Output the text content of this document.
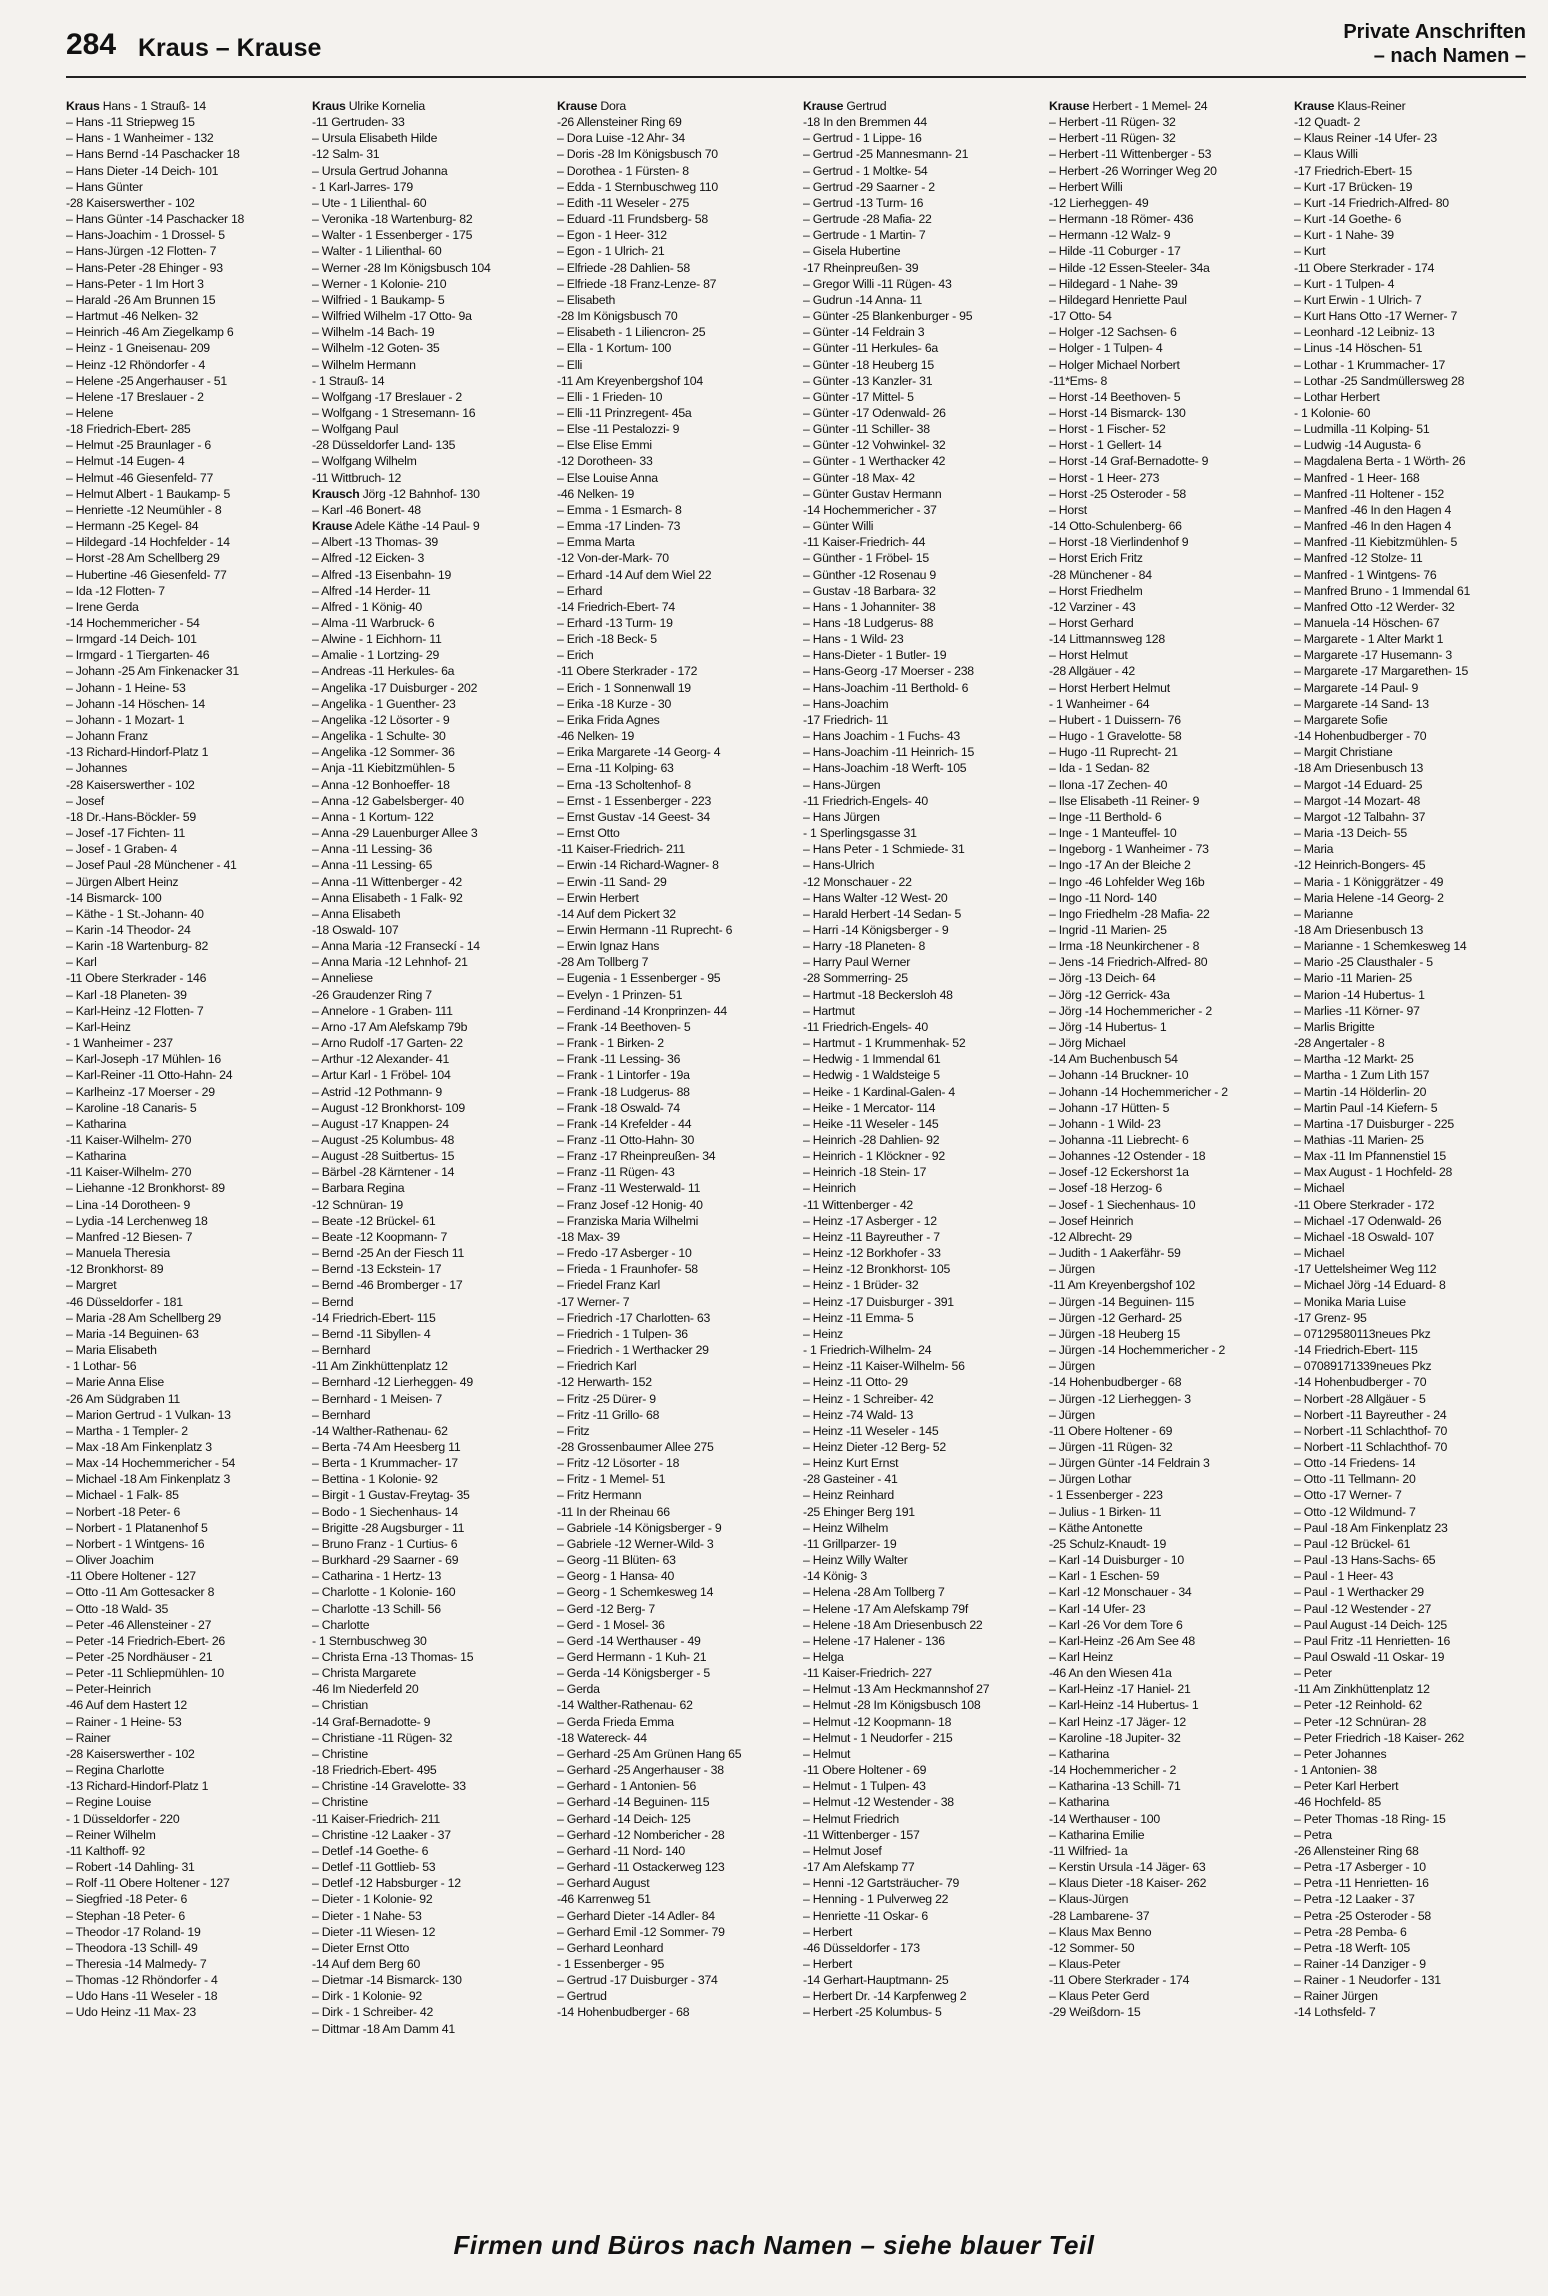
284 Kraus – Krause
Private Anschriften
– nach Namen –
Kraus Hans - 1 Strauß- 14
– Hans -11 Striepweg 15
– Hans - 1 Wanheimer - 132
– Hans Bernd -14 Paschacker 18
– Hans Dieter -14 Deich- 101
– Hans Günter
-28 Kaiserswerther - 102
– Hans Günter -14 Paschacker 18
– Hans-Joachim - 1 Drossel- 5
– Hans-Jürgen -12 Flotten- 7
– Hans-Peter -28 Ehinger - 93
– Hans-Peter - 1 Im Hort 3
– Harald -26 Am Brunnen 15
– Hartmut -46 Nelken- 32
– Heinrich -46 Am Ziegelkamp 6
– Heinz - 1 Gneisenau- 209
– Heinz -12 Rhöndorfer - 4
– Helene -25 Angerhauser - 51
– Helene -17 Breslauer - 2
– Helene
-18 Friedrich-Ebert- 285
– Helmut -25 Braunlager - 6
– Helmut -14 Eugen- 4
– Helmut -46 Giesenfeld- 77
– Helmut Albert - 1 Baukamp- 5
– Henriette -12 Neumühler - 8
– Hermann -25 Kegel- 84
– Hildegard -14 Hochfelder - 14
– Horst -28 Am Schellberg 29
– Hubertine -46 Giesenfeld- 77
– Ida -12 Flotten- 7
– Irene Gerda
-14 Hochemmericher - 54
– Irmgard -14 Deich- 101
– Irmgard - 1 Tiergarten- 46
– Johann -25 Am Finkenacker 31
– Johann - 1 Heine- 53
– Johann -14 Höschen- 14
– Johann - 1 Mozart- 1
– Johann Franz
-13 Richard-Hindorf-Platz 1
– Johannes
-28 Kaiserswerther - 102
– Josef
-18 Dr.-Hans-Böckler- 59
– Josef -17 Fichten- 11
– Josef - 1 Graben- 4
– Josef Paul -28 Münchener - 41
– Jürgen Albert Heinz
-14 Bismarck- 100
– Käthe - 1 St.-Johann- 40
– Karin -14 Theodor- 24
– Karin -18 Wartenburg- 82
– Karl
-11 Obere Sterkrader - 146
– Karl -18 Planeten- 39
– Karl-Heinz -12 Flotten- 7
– Karl-Heinz
- 1 Wanheimer - 237
– Karl-Joseph -17 Mühlen- 16
– Karl-Reiner -11 Otto-Hahn- 24
– Karlheinz -17 Moerser - 29
– Karoline -18 Canaris- 5
– Katharina
-11 Kaiser-Wilhelm- 270
– Katharina
-11 Kaiser-Wilhelm- 270
– Liehanne -12 Bronkhorst- 89
– Lina -14 Dorotheen- 9
– Lydia -14 Lerchenweg 18
– Manfred -12 Biesen- 7
– Manuela Theresia
-12 Bronkhorst- 89
– Margret
-46 Düsseldorfer - 181
– Maria -28 Am Schellberg 29
– Maria -14 Beguinen- 63
– Maria Elisabeth
- 1 Lothar- 56
– Marie Anna Elise
-26 Am Südgraben 11
– Marion Gertrud - 1 Vulkan- 13
– Martha - 1 Templer- 2
– Max -18 Am Finkenplatz 3
– Max -14 Hochemmericher - 54
– Michael -18 Am Finkenplatz 3
– Michael - 1 Falk- 85
– Norbert -18 Peter- 6
– Norbert - 1 Platanenhof 5
– Norbert - 1 Wintgens- 16
– Oliver Joachim
-11 Obere Holtener - 127
– Otto -11 Am Gottesacker 8
– Otto -18 Wald- 35
– Peter -46 Allensteiner - 27
– Peter -14 Friedrich-Ebert- 26
– Peter -25 Nordhäuser - 21
– Peter -11 Schliepmühlen- 10
– Peter-Heinrich
-46 Auf dem Hastert 12
– Rainer - 1 Heine- 53
– Rainer
-28 Kaiserswerther - 102
– Regina Charlotte
-13 Richard-Hindorf-Platz 1
– Regine Louise
- 1 Düsseldorfer - 220
– Reiner Wilhelm
-11 Kalthoff- 92
– Robert -14 Dahling- 31
– Rolf -11 Obere Holtener - 127
– Siegfried -18 Peter- 6
– Stephan -18 Peter- 6
– Theodor -17 Roland- 19
– Theodora -13 Schill- 49
– Theresia -14 Malmedy- 7
– Thomas -12 Rhöndorfer - 4
– Udo Hans -11 Weseler - 18
– Udo Heinz -11 Max- 23
Kraus Ulrike Kornelia
-11 Gertruden- 33
– Ursula Elisabeth Hilde
-12 Salm- 31
– Ursula Gertrud Johanna
- 1 Karl-Jarres- 179
– Ute - 1 Lilienthal- 60
– Veronika -18 Wartenburg- 82
– Walter - 1 Essenberger - 175
– Walter - 1 Lilienthal- 60
– Werner -28 Im Königsbusch 104
– Werner - 1 Kolonie- 210
– Wilfried - 1 Baukamp- 5
– Wilfried Wilhelm -17 Otto- 9a
– Wilhelm -14 Bach- 19
– Wilhelm -12 Goten- 35
– Wilhelm Hermann
- 1 Strauß- 14
– Wolfgang -17 Breslauer - 2
– Wolfgang - 1 Stresemann- 16
– Wolfgang Paul
-28 Düsseldorfer Land- 135
– Wolfgang Wilhelm
-11 Wittbruch- 12
Krausch Jörg -12 Bahnhof- 130
– Karl -46 Bonert- 48
Krause Adele Käthe -14 Paul- 9
– Albert -13 Thomas- 39
– Alfred -12 Eicken- 3
– Alfred -13 Eisenbahn- 19
– Alfred -14 Herder- 11
– Alfred - 1 König- 40
– Alma -11 Warbruck- 6
– Alwine - 1 Eichhorn- 11
– Amalie - 1 Lortzing- 29
– Andreas -11 Herkules- 6a
– Angelika -17 Duisburger - 202
– Angelika - 1 Guenther- 23
– Angelika -12 Lösorter - 9
– Angelika - 1 Schulte- 30
– Angelika -12 Sommer- 36
– Anja -11 Kiebitzmühlen- 5
– Anna -12 Bonhoeffer- 18
– Anna -12 Gabelsberger- 40
– Anna - 1 Kortum- 122
– Anna -29 Lauenburger Allee 3
– Anna -11 Lessing- 36
– Anna -11 Lessing- 65
– Anna -11 Wittenberger - 42
– Anna Elisabeth - 1 Falk- 92
– Anna Elisabeth
-18 Oswald- 107
– Anna Maria -12 Franseckí - 14
– Anna Maria -12 Lehnhof- 21
– Anneliese
-26 Graudenzer Ring 7
– Annelore - 1 Graben- 111
– Arno -17 Am Alefskamp 79b
– Arno Rudolf -17 Garten- 22
– Arthur -12 Alexander- 41
– Artur Karl - 1 Fröbel- 104
– Astrid -12 Pothmann- 9
– August -12 Bronkhorst- 109
– August -17 Knappen- 24
– August -25 Kolumbus- 48
– August -28 Suitbertus- 15
– Bärbel -28 Kärntener - 14
– Barbara Regina
-12 Schnüran- 19
– Beate -12 Brückel- 61
– Beate -12 Koopmann- 7
– Bernd -25 An der Fiesch 11
– Bernd -13 Eckstein- 17
– Bernd -46 Bromberger - 17
– Bernd
-14 Friedrich-Ebert- 115
– Bernd -11 Sibyllen- 4
– Bernhard
-11 Am Zinkhüttenplatz 12
– Bernhard -12 Lierheggen- 49
– Bernhard - 1 Meisen- 7
– Bernhard
-14 Walther-Rathenau- 62
– Berta -74 Am Heesberg 11
– Berta - 1 Krummacher- 17
– Bettina - 1 Kolonie- 92
– Birgit - 1 Gustav-Freytag- 35
– Bodo - 1 Siechenhaus- 14
– Brigitte -28 Augsburger - 11
– Bruno Franz - 1 Curtius- 6
– Burkhard -29 Saarner - 69
– Catharina - 1 Hertz- 13
– Charlotte - 1 Kolonie- 160
– Charlotte -13 Schill- 56
– Charlotte
- 1 Sternbuschweg 30
– Christa Erna -13 Thomas- 15
– Christa Margarete
-46 Im Niederfeld 20
– Christian
-14 Graf-Bernadotte- 9
– Christiane -11 Rügen- 32
– Christine
-18 Friedrich-Ebert- 495
– Christine -14 Gravelotte- 33
– Christine
-11 Kaiser-Friedrich- 211
– Christine -12 Laaker - 37
– Detlef -14 Goethe- 6
– Detlef -11 Gottlieb- 53
– Detlef -12 Habsburger - 12
– Dieter - 1 Kolonie- 92
– Dieter - 1 Nahe- 53
– Dieter -11 Wiesen- 12
– Dieter Ernst Otto
-14 Auf dem Berg 60
– Dietmar -14 Bismarck- 130
– Dirk - 1 Kolonie- 92
– Dirk - 1 Schreiber- 42
– Dittmar -18 Am Damm 41
Krause Dora
-26 Allensteiner Ring 69
– Dora Luise -12 Ahr- 34
– Doris -28 Im Königsbusch 70
– Dorothea - 1 Fürsten- 8
– Edda - 1 Sternbuschweg 110
– Edith -11 Weseler - 275
– Eduard -11 Frundsberg- 58
– Egon - 1 Heer- 312
– Egon - 1 Ulrich- 21
– Elfriede -28 Dahlien- 58
– Elfriede -18 Franz-Lenze- 87
– Elisabeth
-28 Im Königsbusch 70
– Elisabeth - 1 Liliencron- 25
– Ella - 1 Kortum- 100
– Elli
-11 Am Kreyenbergshof 104
– Elli - 1 Frieden- 10
– Elli -11 Prinzregent- 45a
– Else -11 Pestalozzi- 9
– Else Elise Emmi
-12 Dorotheen- 33
– Else Louise Anna
-46 Nelken- 19
– Emma - 1 Esmarch- 8
– Emma -17 Linden- 73
– Emma Marta
-12 Von-der-Mark- 70
– Erhard -14 Auf dem Wiel 22
– Erhard
-14 Friedrich-Ebert- 74
– Erhard -13 Turm- 19
– Erich -18 Beck- 5
– Erich
-11 Obere Sterkrader - 172
– Erich - 1 Sonnenwall 19
– Erika -18 Kurze - 30
– Erika Frida Agnes
-46 Nelken- 19
– Erika Margarete -14 Georg- 4
– Erna -11 Kolping- 63
– Erna -13 Scholtenhof- 8
– Ernst - 1 Essenberger - 223
– Ernst Gustav -14 Geest- 34
– Ernst Otto
-11 Kaiser-Friedrich- 211
– Erwin -14 Richard-Wagner- 8
– Erwin -11 Sand- 29
– Erwin Herbert
-14 Auf dem Pickert 32
– Erwin Hermann -11 Ruprecht- 6
– Erwin Ignaz Hans
-28 Am Tollberg 7
– Eugenia - 1 Essenberger - 95
– Evelyn - 1 Prinzen- 51
– Ferdinand -14 Kronprinzen- 44
– Frank -14 Beethoven- 5
– Frank - 1 Birken- 2
– Frank -11 Lessing- 36
– Frank - 1 Lintorfer - 19a
– Frank -18 Ludgerus- 88
– Frank -18 Oswald- 74
– Frank -14 Krefelder - 44
– Franz -11 Otto-Hahn- 30
– Franz -17 Rheinpreußen- 34
– Franz -11 Rügen- 43
– Franz -11 Westerwald- 11
– Franz Josef -12 Honig- 40
– Franziska Maria Wilhelmi
-18 Max- 39
– Fredo -17 Asberger - 10
– Frieda - 1 Fraunhofer- 58
– Friedel Franz Karl
-17 Werner- 7
– Friedrich -17 Charlotten- 63
– Friedrich - 1 Tulpen- 36
– Friedrich - 1 Werthacker 29
– Friedrich Karl
-12 Herwarth- 152
– Fritz -25 Dürer- 9
– Fritz -11 Grillo- 68
– Fritz
-28 Grossenbaumer Allee 275
– Fritz -12 Lösorter - 18
– Fritz - 1 Memel- 51
– Fritz Hermann
-11 In der Rheinau 66
– Gabriele -14 Königsberger - 9
– Gabriele -12 Werner-Wild- 3
– Georg -11 Blüten- 63
– Georg - 1 Hansa- 40
– Georg - 1 Schemkesweg 14
– Gerd -12 Berg- 7
– Gerd - 1 Mosel- 36
– Gerd -14 Werthauser - 49
– Gerd Hermann - 1 Kuh- 21
– Gerda -14 Königsberger - 5
– Gerda
-14 Walther-Rathenau- 62
– Gerda Frieda Emma
-18 Watereck- 44
– Gerhard -25 Am Grünen Hang 65
– Gerhard -25 Angerhauser - 38
– Gerhard - 1 Antonien- 56
– Gerhard -14 Beguinen- 115
– Gerhard -14 Deich- 125
– Gerhard -12 Nombericher - 28
– Gerhard -11 Nord- 140
– Gerhard -11 Ostackerweg 123
– Gerhard August
-46 Karrenweg 51
– Gerhard Dieter -14 Adler- 84
– Gerhard Emil -12 Sommer- 79
– Gerhard Leonhard
- 1 Essenberger - 95
– Gertrud -17 Duisburger - 374
– Gertrud
-14 Hohenbudberger - 68
Krause Gertrud
-18 In den Bremmen 44
– Gertrud - 1 Lippe- 16
– Gertrud -25 Mannesmann- 21
– Gertrud - 1 Moltke- 54
– Gertrud -29 Saarner - 2
– Gertrud -13 Turm- 16
– Gertrude -28 Mafia- 22
– Gertrude - 1 Martin- 7
– Gisela Hubertine
-17 Rheinpreußen- 39
– Gregor Willi -11 Rügen- 43
– Gudrun -14 Anna- 11
– Günter -25 Blankenburger - 95
– Günter -14 Feldrain 3
– Günter -11 Herkules- 6a
– Günter -18 Heuberg 15
– Günter -13 Kanzler- 31
– Günter -17 Mittel- 5
– Günter -17 Odenwald- 26
– Günter -11 Schiller- 38
– Günter -12 Vohwinkel- 32
– Günter - 1 Werthacker 42
– Günter -18 Max- 42
– Günter Gustav Hermann
-14 Hochemmericher - 37
– Günter Willi
-11 Kaiser-Friedrich- 44
– Günther - 1 Fröbel- 15
– Günther -12 Rosenau 9
– Gustav -18 Barbara- 32
– Hans - 1 Johanniter- 38
– Hans -18 Ludgerus- 88
– Hans - 1 Wild- 23
– Hans-Dieter - 1 Butler- 19
– Hans-Georg -17 Moerser - 238
– Hans-Joachim -11 Berthold- 6
– Hans-Joachim
-17 Friedrich- 11
– Hans Joachim - 1 Fuchs- 43
– Hans-Joachim -11 Heinrich- 15
– Hans-Joachim -18 Werft- 105
– Hans-Jürgen
-11 Friedrich-Engels- 40
– Hans Jürgen
- 1 Sperlingsgasse 31
– Hans Peter - 1 Schmiede- 31
– Hans-Ulrich
-12 Monschauer - 22
– Hans Walter -12 West- 20
– Harald Herbert -14 Sedan- 5
– Harri -14 Königsberger - 9
– Harry -18 Planeten- 8
– Harry Paul Werner
-28 Sommerring- 25
– Hartmut -18 Beckersloh 48
– Hartmut
-11 Friedrich-Engels- 40
– Hartmut - 1 Krummenhak- 52
– Hedwig - 1 Immendal 61
– Hedwig - 1 Waldsteige 5
– Heike - 1 Kardinal-Galen- 4
– Heike - 1 Mercator- 114
– Heike -11 Weseler - 145
– Heinrich -28 Dahlien- 92
– Heinrich - 1 Klöckner - 92
– Heinrich -18 Stein- 17
– Heinrich
-11 Wittenberger - 42
– Heinz -17 Asberger - 12
– Heinz -11 Bayreuther - 7
– Heinz -12 Borkhofer - 33
– Heinz -12 Bronkhorst- 105
– Heinz - 1 Brüder- 32
– Heinz -17 Duisburger - 391
– Heinz -11 Emma- 5
– Heinz
- 1 Friedrich-Wilhelm- 24
– Heinz -11 Kaiser-Wilhelm- 56
– Heinz -11 Otto- 29
– Heinz - 1 Schreiber- 42
– Heinz -74 Wald- 13
– Heinz -11 Weseler - 145
– Heinz Dieter -12 Berg- 52
– Heinz Kurt Ernst
-28 Gasteiner - 41
– Heinz Reinhard
-25 Ehinger Berg 191
– Heinz Wilhelm
-11 Grillparzer- 19
– Heinz Willy Walter
-14 König- 3
– Helena -28 Am Tollberg 7
– Helene -17 Am Alefskamp 79f
– Helene -18 Am Driesenbusch 22
– Helene -17 Halener - 136
– Helga
-11 Kaiser-Friedrich- 227
– Helmut -13 Am Heckmannshof 27
– Helmut -28 Im Königsbusch 108
– Helmut -12 Koopmann- 18
– Helmut - 1 Neudorfer - 215
– Helmut
-11 Obere Holtener - 69
– Helmut - 1 Tulpen- 43
– Helmut -12 Westender - 38
– Helmut Friedrich
-11 Wittenberger - 157
– Helmut Josef
-17 Am Alefskamp 77
– Henni -12 Gartsträucher- 79
– Henning - 1 Pulverweg 22
– Henriette -11 Oskar- 6
– Herbert
-46 Düsseldorfer - 173
– Herbert
-14 Gerhart-Hauptmann- 25
– Herbert Dr. -14 Karpfenweg 2
– Herbert -25 Kolumbus- 5
Krause Herbert - 1 Memel- 24
– Herbert -11 Rügen- 32
– Herbert -11 Rügen- 32
– Herbert -11 Wittenberger - 53
– Herbert -26 Worringer Weg 20
– Herbert Willi
-12 Lierheggen- 49
– Hermann -18 Römer- 436
– Hermann -12 Walz- 9
– Hilde -11 Coburger - 17
– Hilde -12 Essen-Steeler- 34a
– Hildegard - 1 Nahe- 39
– Hildegard Henriette Paul
-17 Otto- 54
– Holger -12 Sachsen- 6
– Holger - 1 Tulpen- 4
– Holger Michael Norbert
-11*Ems- 8
– Horst -14 Beethoven- 5
– Horst -14 Bismarck- 130
– Horst - 1 Fischer- 52
– Horst - 1 Gellert- 14
– Horst -14 Graf-Bernadotte- 9
– Horst - 1 Heer- 273
– Horst -25 Osteroder - 58
– Horst
-14 Otto-Schulenberg- 66
– Horst -18 Vierlindenhof 9
– Horst Erich Fritz
-28 Münchener - 84
– Horst Friedhelm
-12 Varziner - 43
– Horst Gerhard
-14 Littmannsweg 128
– Horst Helmut
-28 Allgäuer - 42
– Horst Herbert Helmut
- 1 Wanheimer - 64
– Hubert - 1 Duissern- 76
– Hugo - 1 Gravelotte- 58
– Hugo -11 Ruprecht- 21
– Ida - 1 Sedan- 82
– Ilona -17 Zechen- 40
– Ilse Elisabeth -11 Reiner- 9
– Inge -11 Berthold- 6
– Inge - 1 Manteuffel- 10
– Ingeborg - 1 Wanheimer - 73
– Ingo -17 An der Bleiche 2
– Ingo -46 Lohfelder Weg 16b
– Ingo -11 Nord- 140
– Ingo Friedhelm -28 Mafia- 22
– Ingrid -11 Marien- 25
– Irma -18 Neunkirchener - 8
– Jens -14 Friedrich-Alfred- 80
– Jörg -13 Deich- 64
– Jörg -12 Gerrick- 43a
– Jörg -14 Hochemmericher - 2
– Jörg -14 Hubertus- 1
– Jörg Michael
-14 Am Buchenbusch 54
– Johann -14 Bruckner- 10
– Johann -14 Hochemmericher - 2
– Johann -17 Hütten- 5
– Johann - 1 Wild- 23
– Johanna -11 Liebrecht- 6
– Johannes -12 Ostender - 18
– Josef -12 Eckershorst 1a
– Josef -18 Herzog- 6
– Josef - 1 Siechenhaus- 10
– Josef Heinrich
-12 Albrecht- 29
– Judith - 1 Aakerfähr- 59
– Jürgen
-11 Am Kreyenbergshof 102
– Jürgen -14 Beguinen- 115
– Jürgen -12 Gerhard- 25
– Jürgen -18 Heuberg 15
– Jürgen -14 Hochemmericher - 2
– Jürgen
-14 Hohenbudberger - 68
– Jürgen -12 Lierheggen- 3
– Jürgen
-11 Obere Holtener - 69
– Jürgen -11 Rügen- 32
– Jürgen Günter -14 Feldrain 3
– Jürgen Lothar
- 1 Essenberger - 223
– Julius - 1 Birken- 11
– Käthe Antonette
-25 Schulz-Knaudt- 19
– Karl -14 Duisburger - 10
– Karl - 1 Eschen- 59
– Karl -12 Monschauer - 34
– Karl -14 Ufer- 23
– Karl -26 Vor dem Tore 6
– Karl-Heinz -26 Am See 48
– Karl Heinz
-46 An den Wiesen 41a
– Karl-Heinz -17 Haniel- 21
– Karl-Heinz -14 Hubertus- 1
– Karl Heinz -17 Jäger- 12
– Karoline -18 Jupiter- 32
– Katharina
-14 Hochemmericher - 2
– Katharina -13 Schill- 71
– Katharina
-14 Werthauser - 100
– Katharina Emilie
-11 Wilfried- 1a
– Kerstin Ursula -14 Jäger- 63
– Klaus Dieter -18 Kaiser- 262
– Klaus-Jürgen
-28 Lambarene- 37
– Klaus Max Benno
-12 Sommer- 50
– Klaus-Peter
-11 Obere Sterkrader - 174
– Klaus Peter Gerd
-29 Weißdorn- 15
Krause Klaus-Reiner
-12 Quadt- 2
– Klaus Reiner -14 Ufer- 23
– Klaus Willi
-17 Friedrich-Ebert- 15
– Kurt -17 Brücken- 19
– Kurt -14 Friedrich-Alfred- 80
– Kurt -14 Goethe- 6
– Kurt - 1 Nahe- 39
– Kurt
-11 Obere Sterkrader - 174
– Kurt - 1 Tulpen- 4
– Kurt Erwin - 1 Ulrich- 7
– Kurt Hans Otto -17 Werner- 7
– Leonhard -12 Leibniz- 13
– Linus -14 Höschen- 51
– Lothar - 1 Krummacher- 17
– Lothar -25 Sandmüllersweg 28
– Lothar Herbert
- 1 Kolonie- 60
– Ludmilla -11 Kolping- 51
– Ludwig -14 Augusta- 6
– Magdalena Berta - 1 Wörth- 26
– Manfred - 1 Heer- 168
– Manfred -11 Holtener - 152
– Manfred -46 In den Hagen 4
– Manfred -46 In den Hagen 4
– Manfred -11 Kiebitzmühlen- 5
– Manfred -12 Stolze- 11
– Manfred - 1 Wintgens- 76
– Manfred Bruno - 1 Immendal 61
– Manfred Otto -12 Werder- 32
– Manuela -14 Höschen- 67
– Margarete - 1 Alter Markt 1
– Margarete -17 Husemann- 3
– Margarete -17 Margarethen- 15
– Margarete -14 Paul- 9
– Margarete -14 Sand- 13
– Margarete Sofie
-14 Hohenbudberger - 70
– Margit Christiane
-18 Am Driesenbusch 13
– Margot -14 Eduard- 25
– Margot -14 Mozart- 48
– Margot -12 Talbahn- 37
– Maria -13 Deich- 55
– Maria
-12 Heinrich-Bongers- 45
– Maria - 1 Königgrätzer - 49
– Maria Helene -14 Georg- 2
– Marianne
-18 Am Driesenbusch 13
– Marianne - 1 Schemkesweg 14
– Mario -25 Clausthaler - 5
– Mario -11 Marien- 25
– Marion -14 Hubertus- 1
– Marlies -11 Körner- 97
– Marlis Brigitte
-28 Angertaler - 8
– Martha -12 Markt- 25
– Martha - 1 Zum Lith 157
– Martin -14 Hölderlin- 20
– Martin Paul -14 Kiefern- 5
– Martina -17 Duisburger - 225
– Mathias -11 Marien- 25
– Max -11 Im Pfannenstiel 15
– Max August - 1 Hochfeld- 28
– Michael
-11 Obere Sterkrader - 172
– Michael -17 Odenwald- 26
– Michael -18 Oswald- 107
– Michael
-17 Uettelsheimer Weg 112
– Michael Jörg -14 Eduard- 8
– Monika Maria Luise
-17 Grenz- 95
– 07129580113neues Pkz
-14 Friedrich-Ebert- 115
– 07089171339neues Pkz
-14 Hohenbudberger - 70
– Norbert -28 Allgäuer - 5
– Norbert -11 Bayreuther - 24
– Norbert -11 Schlachthof- 70
– Norbert -11 Schlachthof- 70
– Otto -14 Friedens- 14
– Otto -11 Tellmann- 20
– Otto -17 Werner- 7
– Otto -12 Wildmund- 7
– Paul -18 Am Finkenplatz 23
– Paul -12 Brückel- 61
– Paul -13 Hans-Sachs- 65
– Paul - 1 Heer- 43
– Paul - 1 Werthacker 29
– Paul -12 Westender - 27
– Paul August -14 Deich- 125
– Paul Fritz -11 Henrietten- 16
– Paul Oswald -11 Oskar- 19
– Peter
-11 Am Zinkhüttenplatz 12
– Peter -12 Reinhold- 62
– Peter -12 Schnüran- 28
– Peter Friedrich -18 Kaiser- 262
– Peter Johannes
- 1 Antonien- 38
– Peter Karl Herbert
-46 Hochfeld- 85
– Peter Thomas -18 Ring- 15
– Petra
-26 Allensteiner Ring 68
– Petra -17 Asberger - 10
– Petra -11 Henrietten- 16
– Petra -12 Laaker - 37
– Petra -25 Osteroder - 58
– Petra -28 Pemba- 6
– Petra -18 Werft- 105
– Rainer -14 Danziger - 9
– Rainer - 1 Neudorfer - 131
– Rainer Jürgen
-14 Lothsfeld- 7
Firmen und Büros nach Namen – siehe blauer Teil
